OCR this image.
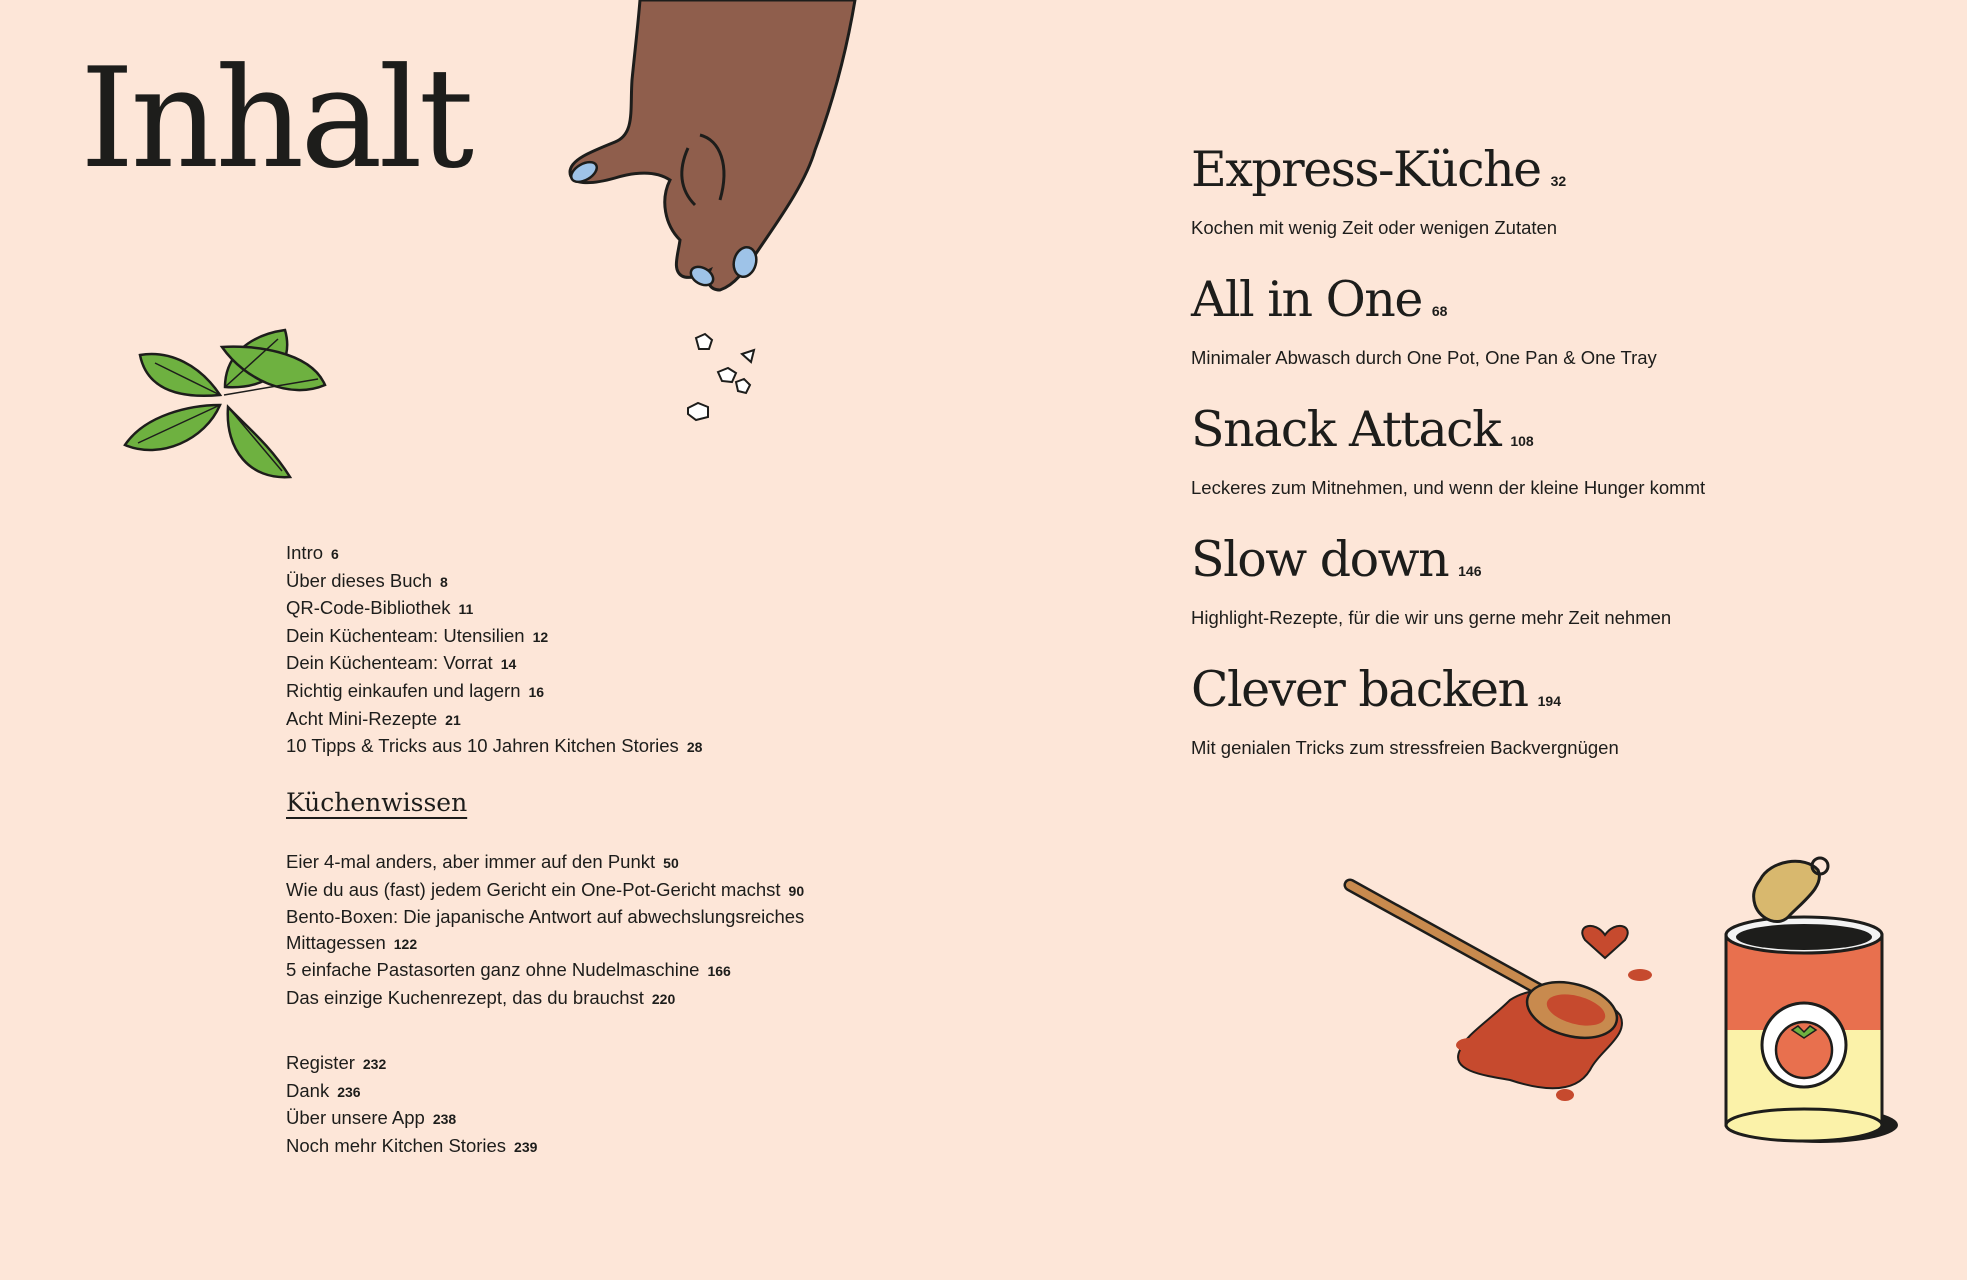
Inhalt
Intro 6
Über dieses Buch 8
QR-Code-Bibliothek 11
Dein Küchenteam: Utensilien 12
Dein Küchenteam: Vorrat 14
Richtig einkaufen und lagern 16
Acht Mini-Rezepte 21
10 Tipps & Tricks aus 10 Jahren Kitchen Stories 28
Küchenwissen
Eier 4-mal anders, aber immer auf den Punkt 50
Wie du aus (fast) jedem Gericht ein One-Pot-Gericht machst 90
Bento-Boxen: Die japanische Antwort auf abwechslungsreiches Mittagessen 122
5 einfache Pastasorten ganz ohne Nudelmaschine 166
Das einzige Kuchenrezept, das du brauchst 220
Register 232
Dank 236
Über unsere App 238
Noch mehr Kitchen Stories 239
Express-Küche 32
Kochen mit wenig Zeit oder wenigen Zutaten
All in One 68
Minimaler Abwasch durch One Pot, One Pan & One Tray
Snack Attack 108
Leckeres zum Mitnehmen, und wenn der kleine Hunger kommt
Slow down 146
Highlight-Rezepte, für die wir uns gerne mehr Zeit nehmen
Clever backen 194
Mit genialen Tricks zum stressfreien Backvergnügen
